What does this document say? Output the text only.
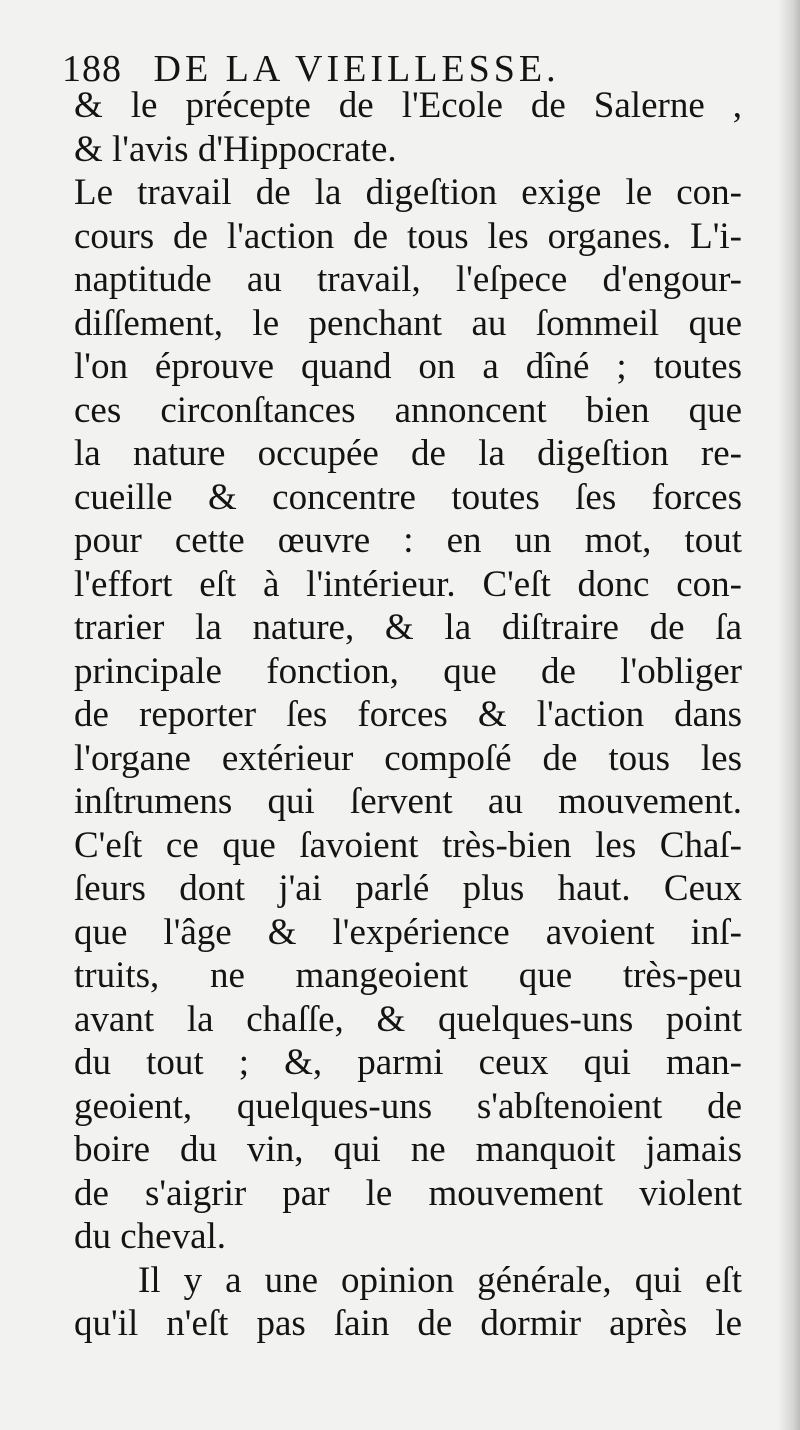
188 DE LA VIEILLESSE.
& le précepte de l'Ecole de Salerne ,
& l'avis d'Hippocrate.
Le travail de la digeſtion exige le con-
cours de l'action de tous les organes. L'i-
naptitude au travail, l'eſpece d'engour-
diſſement, le penchant au ſommeil que
l'on éprouve quand on a dîné ; toutes
ces circonſtances annoncent bien que
la nature occupée de la digeſtion re-
cueille & concentre toutes ſes forces
pour cette œuvre : en un mot, tout
l'effort eſt à l'intérieur. C'eſt donc con-
trarier la nature, & la diſtraire de ſa
principale fonction, que de l'obliger
de reporter ſes forces & l'action dans
l'organe extérieur compoſé de tous les
inſtrumens qui ſervent au mouvement.
C'eſt ce que ſavoient très-bien les Chaſ-
ſeurs dont j'ai parlé plus haut. Ceux
que l'âge & l'expérience avoient inſ-
truits, ne mangeoient que très-peu
avant la chaſſe, & quelques-uns point
du tout ; &, parmi ceux qui man-
geoient, quelques-uns s'abſtenoient de
boire du vin, qui ne manquoit jamais
de s'aigrir par le mouvement violent
du cheval.
Il y a une opinion générale, qui eſt
qu'il n'eſt pas ſain de dormir après le
